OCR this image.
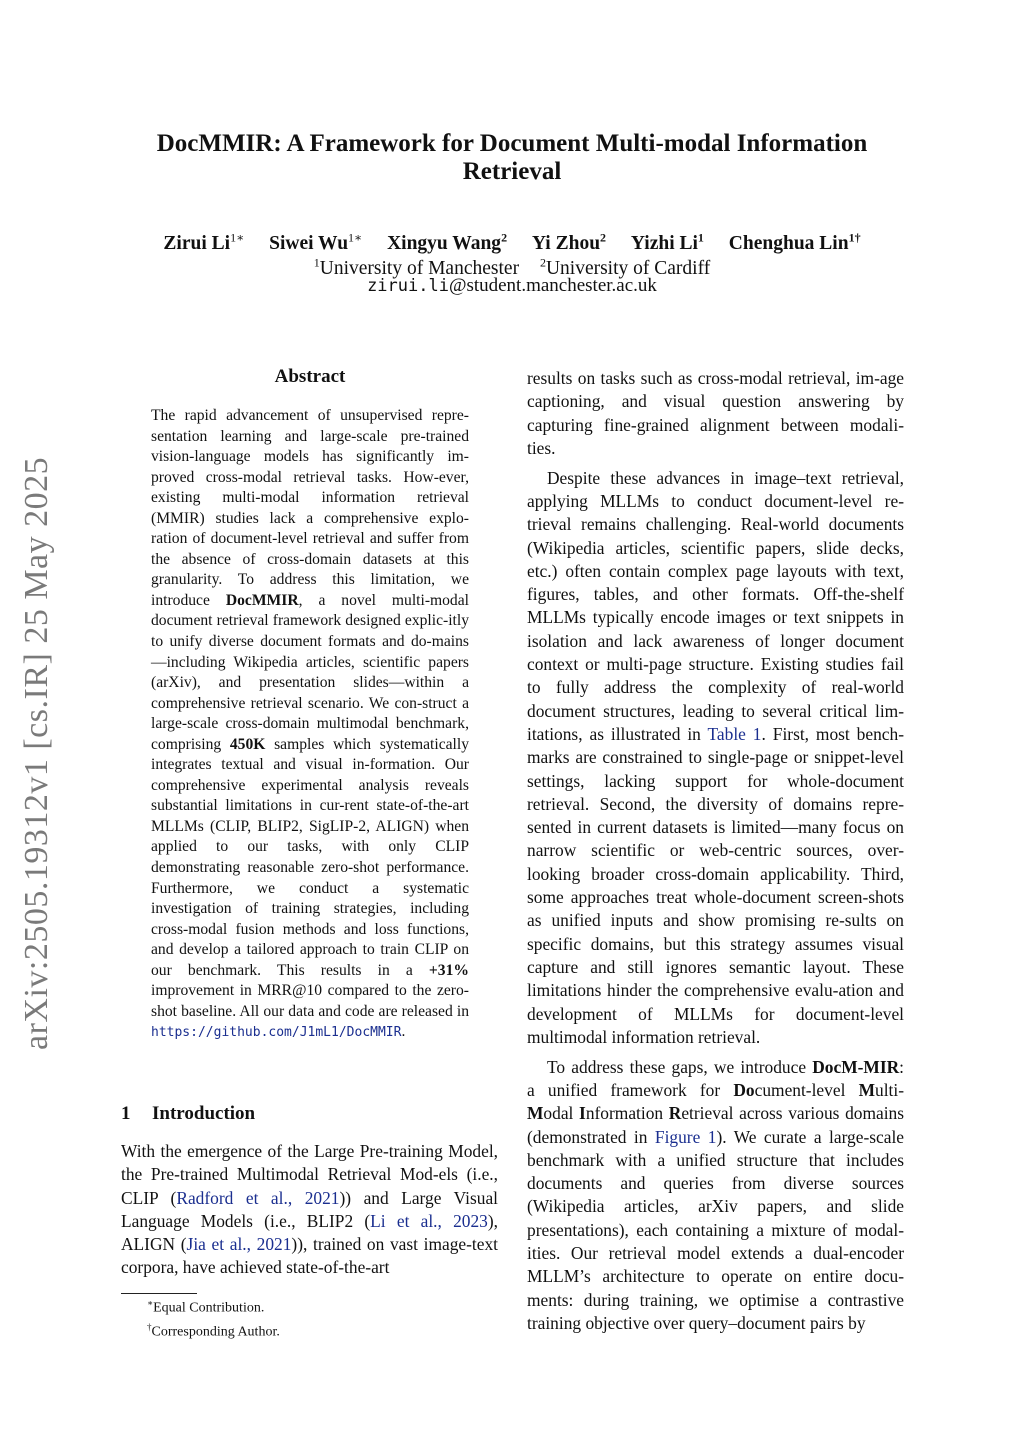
arXiv:2505.19312v1 [cs.IR] 25 May 2025
DocMMIR: A Framework for Document Multi-modal Information Retrieval
Zirui $Li^{1∗}$ Siwei $Wu^{1∗}$ Xingyu Wang$^2$ Yi Zhou$^2$ Yizhi Li$^1$ Chenghua Lin$^{1\dagger}$
$^1$University of Manchester $^2$University of Cardiff
zirui.li@student.manchester.ac.uk
Abstract
The rapid advancement of unsupervised repre-sentation learning and large-scale pre-trained vision-language models has significantly im-proved cross-modal retrieval tasks. How-ever, existing multi-modal information retrieval (MMIR) studies lack a comprehensive explo-ration of document-level retrieval and suffer from the absence of cross-domain datasets at this granularity. To address this limitation, we introduce DocMMIR, a novel multi-modal document retrieval framework designed explic-itly to unify diverse document formats and do-mains—including Wikipedia articles, scientific papers (arXiv), and presentation slides—within a comprehensive retrieval scenario. We con-struct a large-scale cross-domain multimodal benchmark, comprising 450K samples which systematically integrates textual and visual in-formation. Our comprehensive experimental analysis reveals substantial limitations in cur-rent state-of-the-art MLLMs (CLIP, BLIP2, SigLIP-2, ALIGN) when applied to our tasks, with only CLIP demonstrating reasonable zero-shot performance. Furthermore, we conduct a systematic investigation of training strategies, including cross-modal fusion methods and loss functions, and develop a tailored approach to train CLIP on our benchmark. This results in a +31% improvement in MRR@10 compared to the zero-shot baseline. All our data and code are released in https://github.com/J1mL1/DocMMIR.
1 Introduction
With the emergence of the Large Pre-training Model, the Pre-trained Multimodal Retrieval Mod-els (i.e., CLIP (Radford et al., 2021)) and Large Visual Language Models (i.e., BLIP2 (Li et al., 2023), ALIGN (Jia et al., 2021)), trained on vast image-text corpora, have achieved state-of-the-art
∗Equal Contribution.
†Corresponding Author.

results on tasks such as cross-modal retrieval, im-age captioning, and visual question answering by capturing fine-grained alignment between modali-ties.

Despite these advances in image–text retrieval, applying MLLMs to conduct document-level re-trieval remains challenging. Real-world documents (Wikipedia articles, scientific papers, slide decks, etc.) often contain complex page layouts with text, figures, tables, and other formats. Off-the-shelf MLLMs typically encode images or text snippets in isolation and lack awareness of longer document context or multi-page structure. Existing studies fail to fully address the complexity of real-world document structures, leading to several critical lim-itations, as illustrated in Table 1. First, most bench-marks are constrained to single-page or snippet-level settings, lacking support for whole-document retrieval. Second, the diversity of domains repre-sented in current datasets is limited—many focus on narrow scientific or web-centric sources, over-looking broader cross-domain applicability. Third, some approaches treat whole-document screen-shots as unified inputs and show promising re-sults on specific domains, but this strategy assumes visual capture and still ignores semantic layout. These limitations hinder the comprehensive evalu-ation and development of MLLMs for document-level multimodal information retrieval.

To address these gaps, we introduce DocM-MIR: a unified framework for Document-level Multi-Modal Information Retrieval across various domains (demonstrated in Figure 1). We curate a large-scale benchmark with a unified structure that includes documents and queries from diverse sources (Wikipedia articles, arXiv papers, and slide presentations), each containing a mixture of modal-ities. Our retrieval model extends a dual-encoder MLLM’s architecture to operate on entire docu-ments: during training, we optimise a contrastive training objective over query–document pairs by
